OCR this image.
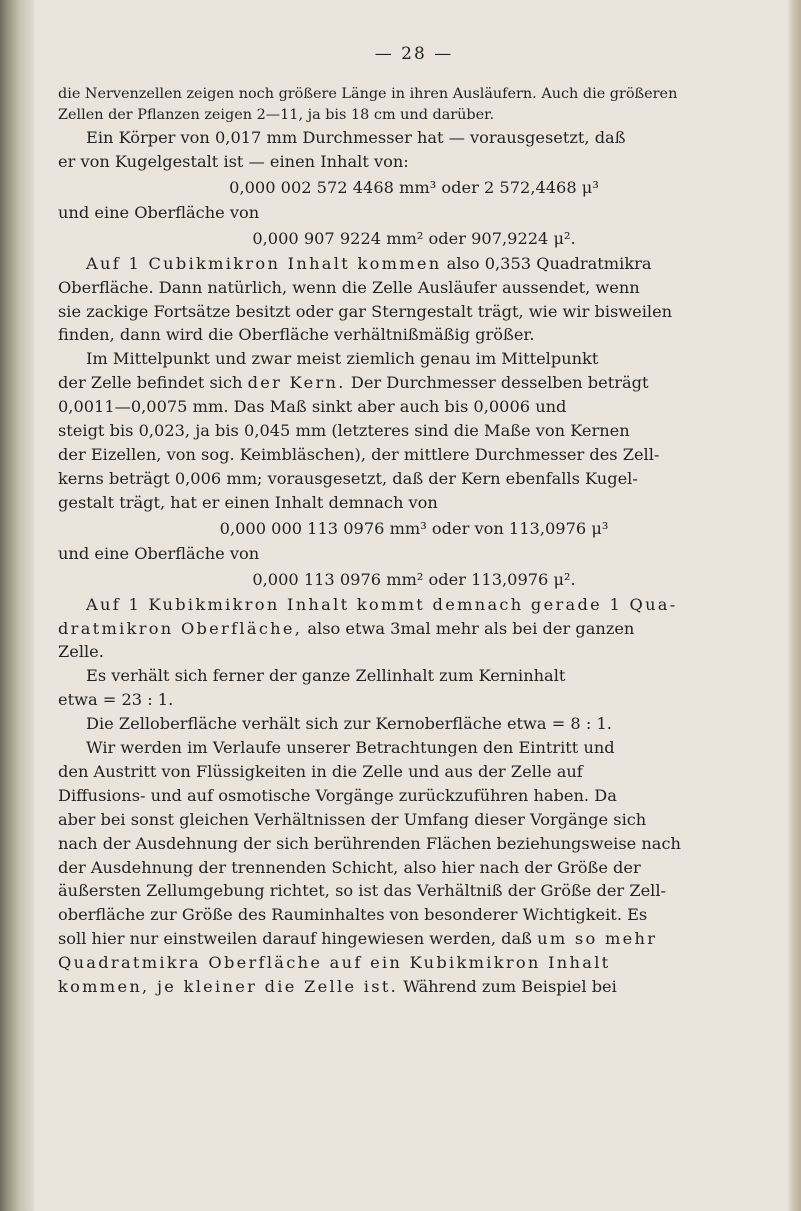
— 28 —

die Nervenzellen zeigen noch größere Länge in ihren Ausläufern. Auch die größeren

Zellen der Pflanzen zeigen 2—11, ja bis 18 cm und darüber.

Ein Körper von 0,017 mm Durchmesser hat — vorausgesetzt, daß

er von Kugelgestalt ist — einen Inhalt von:

0,000 002 572 4468 mm³ oder 2 572,4468 μ³

und eine Oberfläche von

0,000 907 9224 mm² oder 907,9224 μ².

Auf 1 Cubikmikron Inhalt kommen also 0,353 Quadratmikra

Oberfläche. Dann natürlich, wenn die Zelle Ausläufer aussendet, wenn

sie zackige Fortsätze besitzt oder gar Sterngestalt trägt, wie wir bisweilen

finden, dann wird die Oberfläche verhältnißmäßig größer.

Im Mittelpunkt und zwar meist ziemlich genau im Mittelpunkt

der Zelle befindet sich der Kern. Der Durchmesser desselben beträgt

0,0011—0,0075 mm. Das Maß sinkt aber auch bis 0,0006 und

steigt bis 0,023, ja bis 0,045 mm (letzteres sind die Maße von Kernen

der Eizellen, von sog. Keimbläschen), der mittlere Durchmesser des Zell-

kerns beträgt 0,006 mm; vorausgesetzt, daß der Kern ebenfalls Kugel-

gestalt trägt, hat er einen Inhalt demnach von

0,000 000 113 0976 mm³ oder von 113,0976 μ³

und eine Oberfläche von

0,000 113 0976 mm² oder 113,0976 μ².

Auf 1 Kubikmikron Inhalt kommt demnach gerade 1 Qua-

dratmikron Oberfläche, also etwa 3mal mehr als bei der ganzen

Zelle.

Es verhält sich ferner der ganze Zellinhalt zum Kerninhalt

etwa = 23 : 1.

Die Zelloberfläche verhält sich zur Kernoberfläche etwa = 8 : 1.

Wir werden im Verlaufe unserer Betrachtungen den Eintritt und

den Austritt von Flüssigkeiten in die Zelle und aus der Zelle auf

Diffusions- und auf osmotische Vorgänge zurückzuführen haben. Da

aber bei sonst gleichen Verhältnissen der Umfang dieser Vorgänge sich

nach der Ausdehnung der sich berührenden Flächen beziehungsweise nach

der Ausdehnung der trennenden Schicht, also hier nach der Größe der

äußersten Zellumgebung richtet, so ist das Verhältniß der Größe der Zell-

oberfläche zur Größe des Rauminhaltes von besonderer Wichtigkeit. Es

soll hier nur einstweilen darauf hingewiesen werden, daß um so mehr

Quadratmikra Oberfläche auf ein Kubikmikron Inhalt

kommen, je kleiner die Zelle ist. Während zum Beispiel bei
